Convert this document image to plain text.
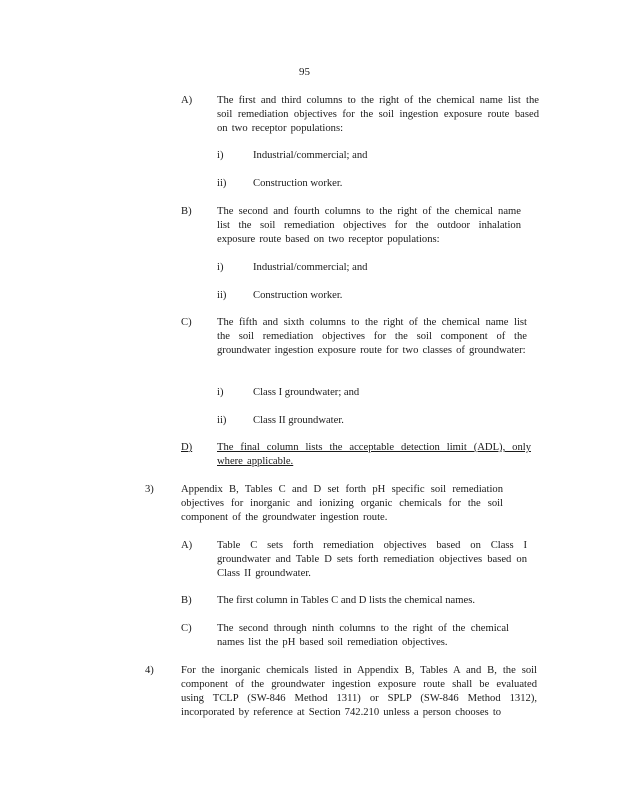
95
A) The first and third columns to the right of the chemical name list the soil remediation objectives for the soil ingestion exposure route based on two receptor populations:
i)	Industrial/commercial; and
ii)	Construction worker.
B) The second and fourth columns to the right of the chemical name list the soil remediation objectives for the outdoor inhalation exposure route based on two receptor populations:
i)	Industrial/commercial; and
ii)	Construction worker.
C) The fifth and sixth columns to the right of the chemical name list the soil remediation objectives for the soil component of the groundwater ingestion exposure route for two classes of groundwater:
i)	Class I groundwater; and
ii)	Class II groundwater.
D) The final column lists the acceptable detection limit (ADL), only where applicable.
3)	Appendix B, Tables C and D set forth pH specific soil remediation objectives for inorganic and ionizing organic chemicals for the soil component of the groundwater ingestion route.
A) Table C sets forth remediation objectives based on Class I groundwater and Table D sets forth remediation objectives based on Class II groundwater.
B) The first column in Tables C and D lists the chemical names.
C) The second through ninth columns to the right of the chemical names list the pH based soil remediation objectives.
4)	For the inorganic chemicals listed in Appendix B, Tables A and B, the soil component of the groundwater ingestion exposure route shall be evaluated using TCLP (SW-846 Method 1311) or SPLP (SW-846 Method 1312), incorporated by reference at Section 742.210 unless a person chooses to
